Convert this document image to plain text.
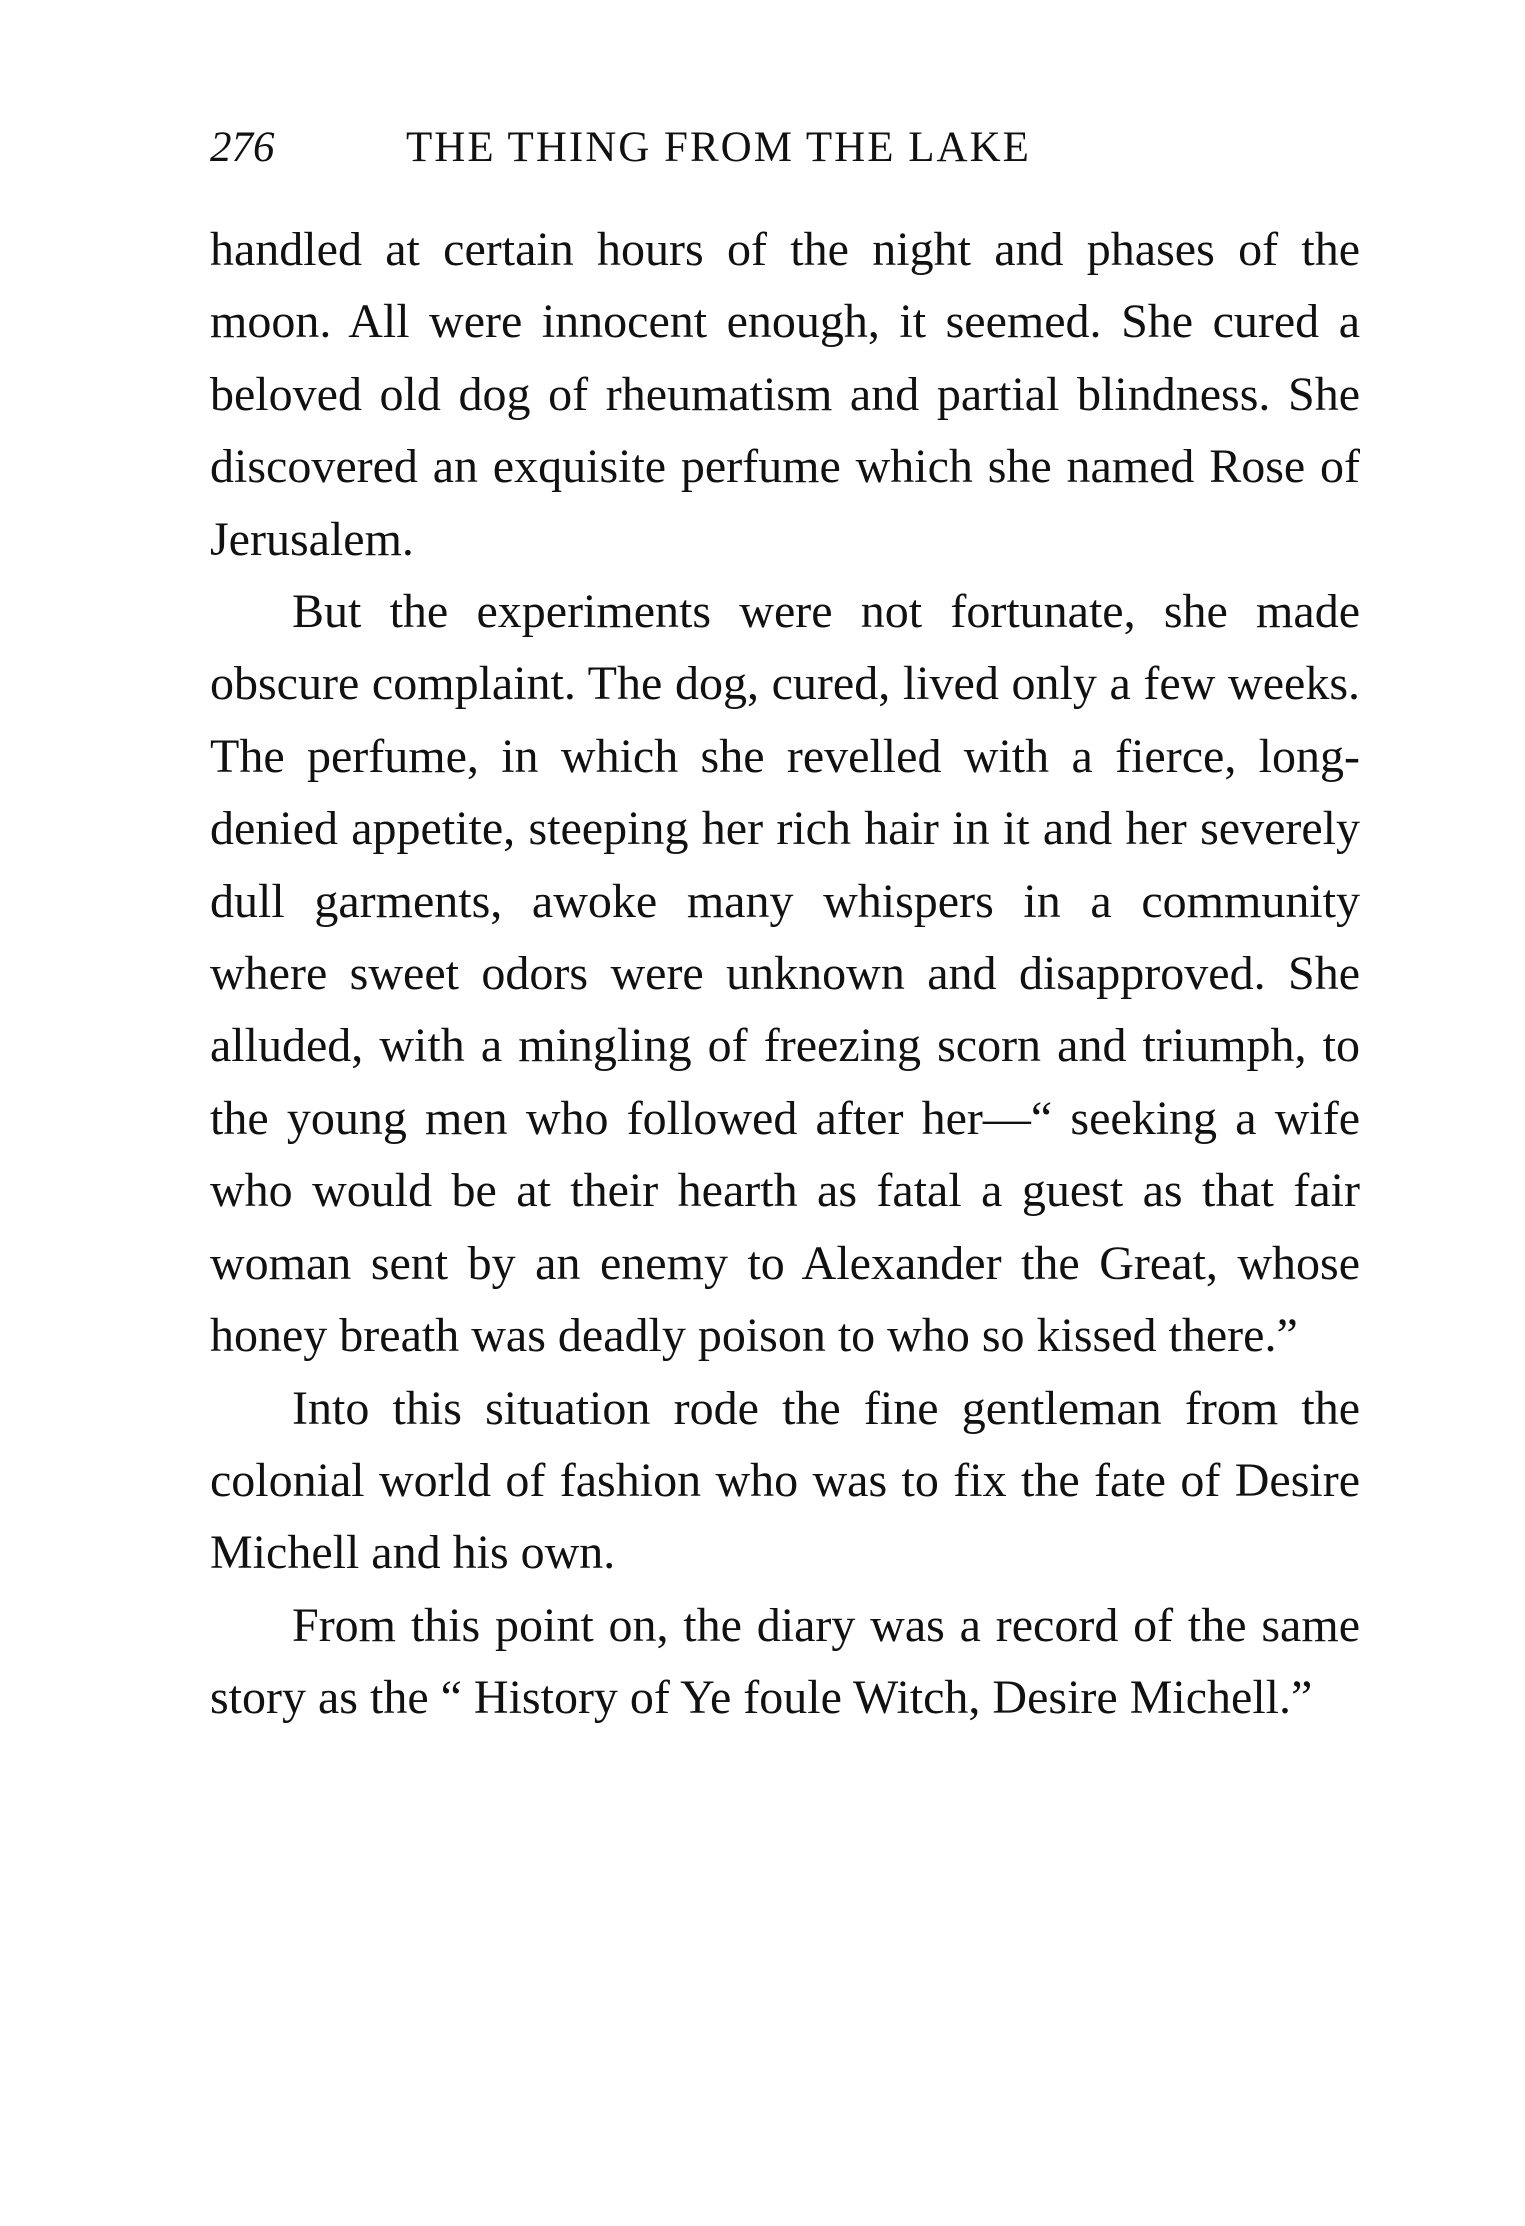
276	THE THING FROM THE LAKE

handled at certain hours of the night and phases of the moon. All were innocent enough, it seemed. She cured a beloved old dog of rheumatism and partial blindness. She discovered an exquisite perfume which she named Rose of Jerusalem.

But the experiments were not fortunate, she made obscure complaint. The dog, cured, lived only a few weeks. The perfume, in which she revelled with a fierce, long-denied appetite, steeping her rich hair in it and her severely dull garments, awoke many whispers in a community where sweet odors were unknown and disapproved. She alluded, with a mingling of freezing scorn and triumph, to the young men who followed after her—“ seeking a wife who would be at their hearth as fatal a guest as that fair woman sent by an enemy to Alexander the Great, whose honey breath was deadly poison to who so kissed there.”

Into this situation rode the fine gentleman from the colonial world of fashion who was to fix the fate of Desire Michell and his own.

From this point on, the diary was a record of the same story as the “ History of Ye foule Witch, Desire Michell.”
